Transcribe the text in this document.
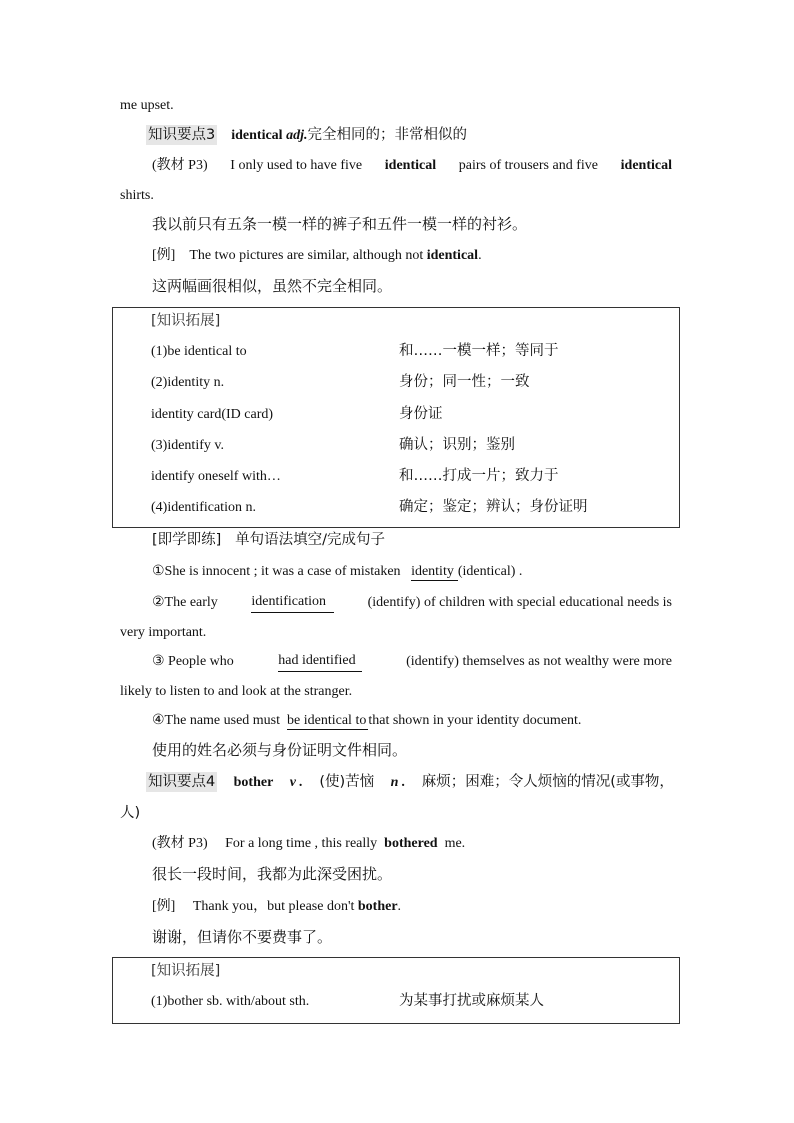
me upset.
知识要点3 identical adj.完全相同的；非常相似的
(教材 P3) I only used to have five identical pairs of trousers and five identical
shirts.
我以前只有五条一模一样的裤子和五件一模一样的衬衫。
[例] The two pictures are similar, although not identical.
这两幅画很相似，虽然不完全相同。
[知识拓展]
(1)be identical to	和……一模一样；等同于
(2)identity n.	身份；同一性；一致
identity card(ID card)	身份证
(3)identify v.	确认；识别；鉴别
identify oneself with…	和……打成一片；致力于
(4)identification n.	确定；鉴定；辨认；身份证明
[即学即练] 单句语法填空/完成句子
①She is innocent ; it was a case of mistaken identity (identical) .
②The early identification	(identify) of children with special educational needs is
very important.
③ People who	had identified	(identify) themselves as not wealthy were more
likely to listen to and look at the stranger.
④The name used must be identical to that shown in your identity document.
使用的姓名必须与身份证明文件相同。
知识要点4 bother v . (使)苦恼 n . 麻烦；困难；令人烦恼的情况(或事物，
人)
(教材 P3) For a long time , this really bothered me.
很长一段时间，我都为此深受困扰。
[例] Thank you，but please don't bother.
谢谢，但请你不要费事了。
[知识拓展]
(1)bother sb. with/about sth.	为某事打扰或麻烦某人
